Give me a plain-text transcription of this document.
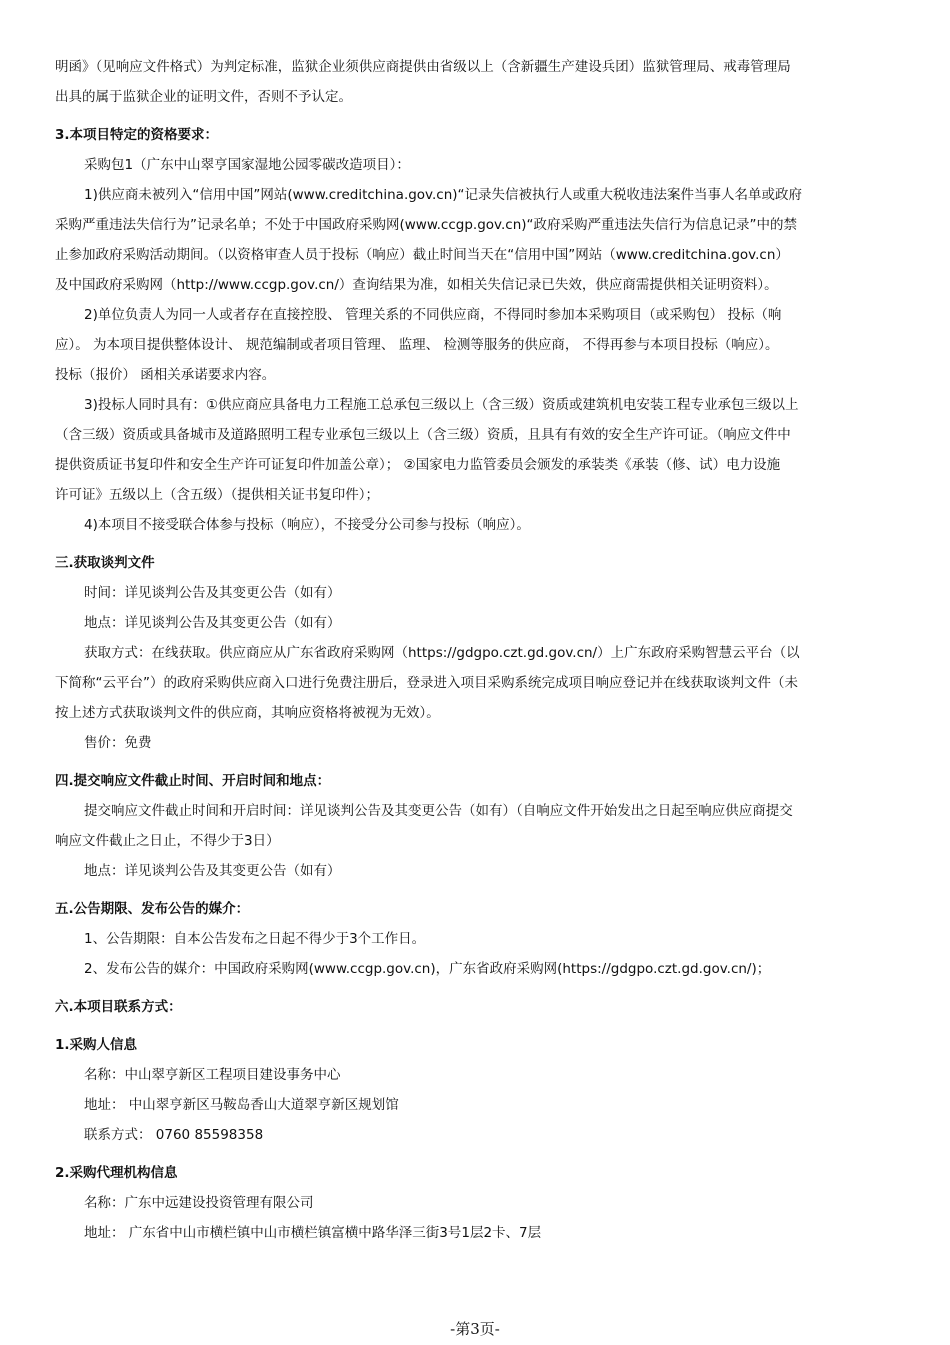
明函》（见响应文件格式）为判定标准，监狱企业须供应商提供由省级以上（含新疆生产建设兵团）监狱管理局、戒毒管理局

出具的属于监狱企业的证明文件，否则不予认定。

3.本项目特定的资格要求：

采购包1（广东中山翠亨国家湿地公园零碳改造项目）：

1)供应商未被列入“信用中国”网站(www.creditchina.gov.cn)“记录失信被执行人或重大税收违法案件当事人名单或政府

采购严重违法失信行为”记录名单；不处于中国政府采购网(www.ccgp.gov.cn)“政府采购严重违法失信行为信息记录”中的禁

止参加政府采购活动期间。（以资格审查人员于投标（响应）截止时间当天在“信用中国”网站（www.creditchina.gov.cn）

及中国政府采购网（http://www.ccgp.gov.cn/）查询结果为准，如相关失信记录已失效，供应商需提供相关证明资料）。

2)单位负责人为同一人或者存在直接控股、 管理关系的不同供应商，不得同时参加本采购项目（或采购包） 投标（响

应）。 为本项目提供整体设计、 规范编制或者项目管理、 监理、 检测等服务的供应商， 不得再参与本项目投标（响应）。

投标（报价） 函相关承诺要求内容。

3)投标人同时具有：①供应商应具备电力工程施工总承包三级以上（含三级）资质或建筑机电安装工程专业承包三级以上

（含三级）资质或具备城市及道路照明工程专业承包三级以上（含三级）资质，且具有有效的安全生产许可证。（响应文件中

提供资质证书复印件和安全生产许可证复印件加盖公章）； ②国家电力监管委员会颁发的承装类《承装（修、试）电力设施

许可证》五级以上（含五级）（提供相关证书复印件）；

4)本项目不接受联合体参与投标（响应），不接受分公司参与投标（响应）。

三.获取谈判文件

时间：详见谈判公告及其变更公告（如有）

地点：详见谈判公告及其变更公告（如有）

获取方式：在线获取。供应商应从广东省政府采购网（https://gdgpo.czt.gd.gov.cn/）上广东政府采购智慧云平台（以

下简称“云平台”）的政府采购供应商入口进行免费注册后，登录进入项目采购系统完成项目响应登记并在线获取谈判文件（未

按上述方式获取谈判文件的供应商，其响应资格将被视为无效）。

售价：免费

四.提交响应文件截止时间、开启时间和地点：

提交响应文件截止时间和开启时间：详见谈判公告及其变更公告（如有）（自响应文件开始发出之日起至响应供应商提交

响应文件截止之日止，不得少于3日）

地点：详见谈判公告及其变更公告（如有）

五.公告期限、发布公告的媒介：

1、公告期限：自本公告发布之日起不得少于3个工作日。

2、发布公告的媒介：中国政府采购网(www.ccgp.gov.cn)，广东省政府采购网(https://gdgpo.czt.gd.gov.cn/)；

六.本项目联系方式：

1.采购人信息

名称：中山翠亨新区工程项目建设事务中心

地址： 中山翠亨新区马鞍岛香山大道翠亨新区规划馆

联系方式： 0760 85598358

2.采购代理机构信息

名称：广东中远建设投资管理有限公司

地址： 广东省中山市横栏镇中山市横栏镇富横中路华泽三街3号1层2卡、7层

-第3页-
